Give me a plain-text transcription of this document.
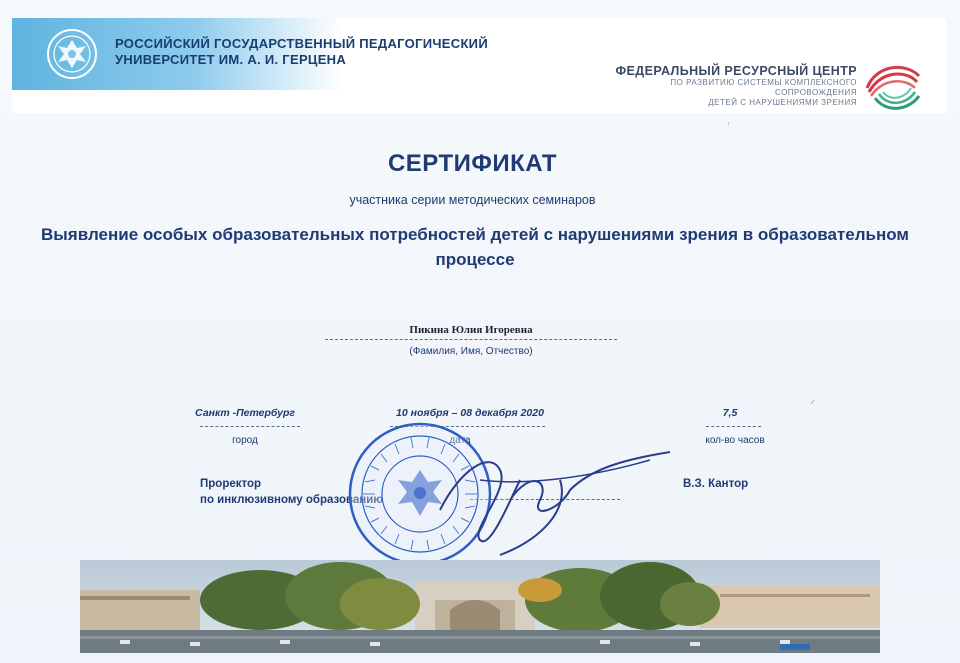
РОССИЙСКИЙ ГОСУДАРСТВЕННЫЙ ПЕДАГОГИЧЕСКИЙ
УНИВЕРСИТЕТ ИМ. А. И. ГЕРЦЕНА
ФЕДЕРАЛЬНЫЙ РЕСУРСНЫЙ ЦЕНТР
ПО РАЗВИТИЮ СИСТЕМЫ КОМПЛЕКСНОГО
СОПРОВОЖДЕНИЯ
ДЕТЕЙ С НАРУШЕНИЯМИ ЗРЕНИЯ
СЕРТИФИКАТ
участника серии методических семинаров
Выявление особых образовательных потребностей детей с нарушениями зрения в образовательном
процессе
Пикина Юлия Игоревна
(Фамилия, Имя, Отчество)
Санкт -Петербург
город
10 ноября – 08 декабря 2020
дата
7,5
кол-во часов
Проректор
по инклюзивному образованию
В.З. Кантор
˒
⸝
